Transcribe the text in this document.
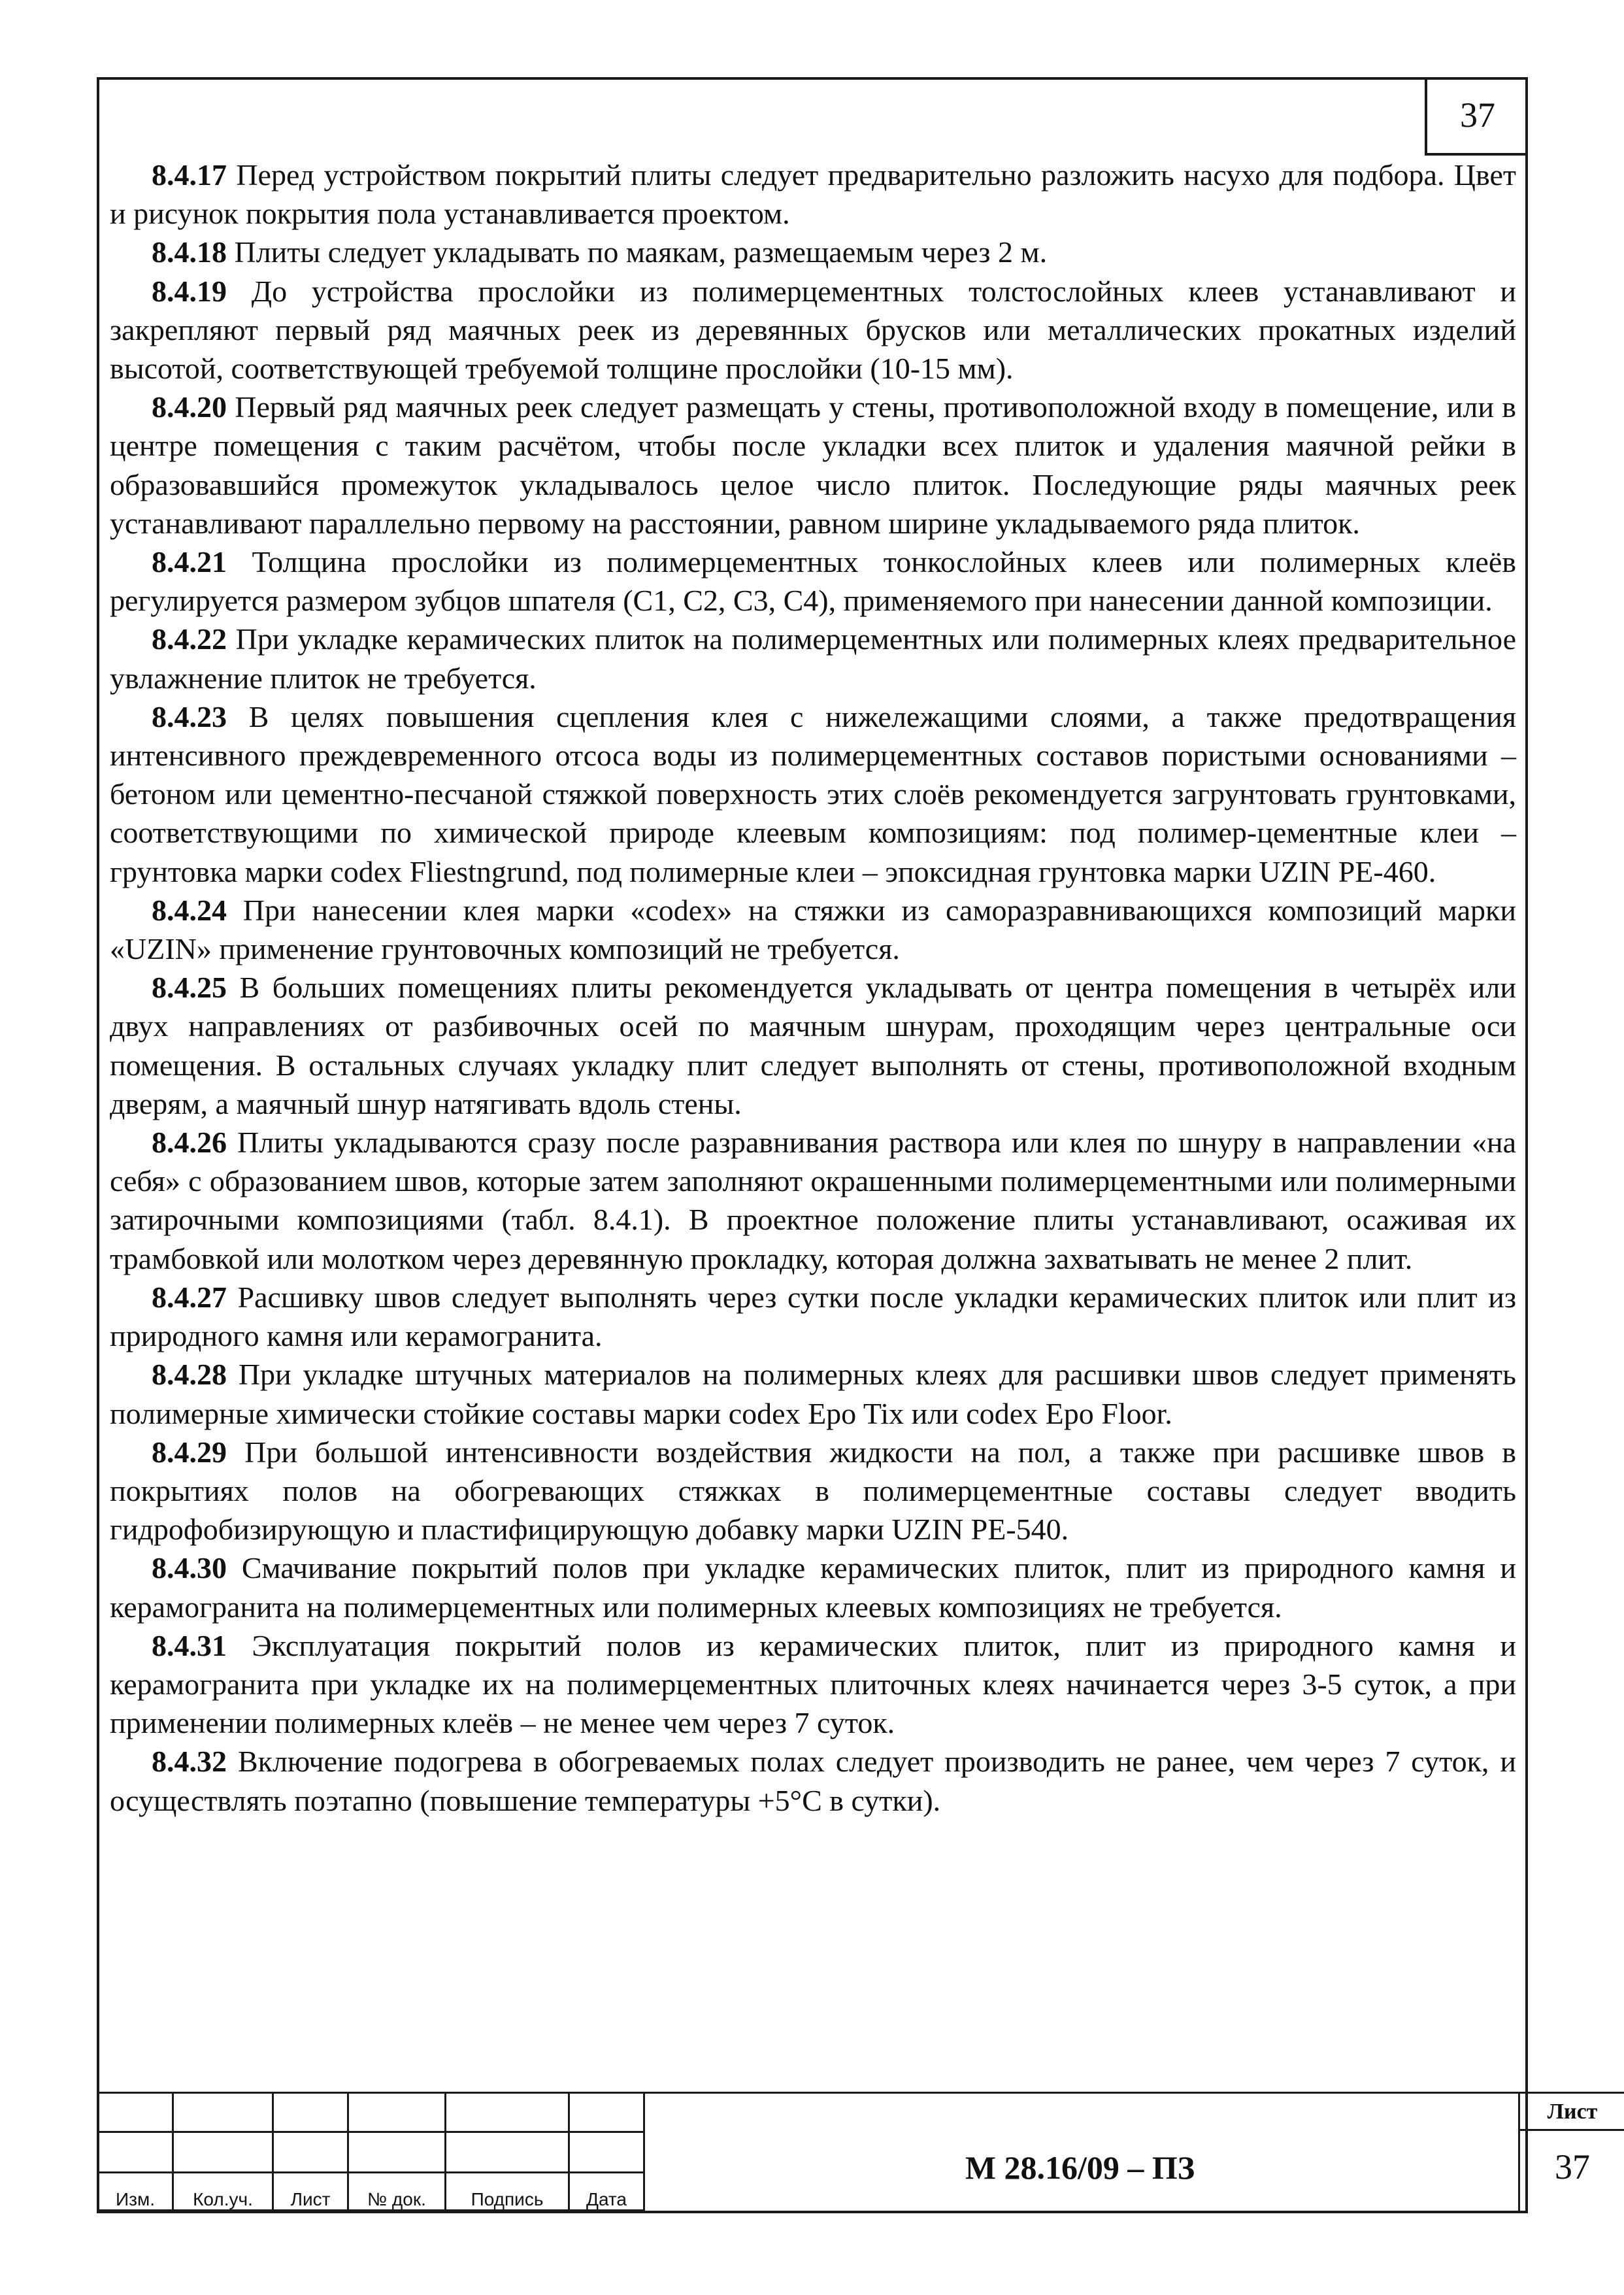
37

8.4.17 Перед устройством покрытий плиты следует предварительно разложить насухо для подбора. Цвет и рисунок покрытия пола устанавливается проектом.

8.4.18 Плиты следует укладывать по маякам, размещаемым через 2 м.

8.4.19 До устройства прослойки из полимерцементных толстослойных клеев устанавливают и закрепляют первый ряд маячных реек из деревянных брусков или металлических прокатных изделий высотой, соответствующей требуемой толщине прослойки (10-15 мм).

8.4.20 Первый ряд маячных реек следует размещать у стены, противоположной входу в помещение, или в центре помещения с таким расчётом, чтобы после укладки всех плиток и удаления маячной рейки в образовавшийся промежуток укладывалось целое число плиток. Последующие ряды маячных реек устанавливают параллельно первому на расстоянии, равном ширине укладываемого ряда плиток.

8.4.21 Толщина прослойки из полимерцементных тонкослойных клеев или полимерных клеёв регулируется размером зубцов шпателя (С1, С2, С3, С4), применяемого при нанесении данной композиции.

8.4.22 При укладке керамических плиток на полимерцементных или полимерных клеях предварительное увлажнение плиток не требуется.

8.4.23 В целях повышения сцепления клея с нижележащими слоями, а также предотвращения интенсивного преждевременного отсоса воды из полимерцементных составов пористыми основаниями – бетоном или цементно-песчаной стяжкой поверхность этих слоёв рекомендуется загрунтовать грунтовками, соответствующими по химической природе клеевым композициям: под полимер-цементные клеи – грунтовка марки codex Fliestngrund, под полимерные клеи – эпоксидная грунтовка марки UZIN PE-460.

8.4.24 При нанесении клея марки «codex» на стяжки из саморазравнивающихся композиций марки «UZIN» применение грунтовочных композиций не требуется.

8.4.25 В больших помещениях плиты рекомендуется укладывать от центра помещения в четырёх или двух направлениях от разбивочных осей по маячным шнурам, проходящим через центральные оси помещения. В остальных случаях укладку плит следует выполнять от стены, противоположной входным дверям, а маячный шнур натягивать вдоль стены.

8.4.26 Плиты укладываются сразу после разравнивания раствора или клея по шнуру в направлении «на себя» с образованием швов, которые затем заполняют окрашенными полимерцементными или полимерными затирочными композициями (табл. 8.4.1). В проектное положение плиты устанавливают, осаживая их трамбовкой или молотком через деревянную прокладку, которая должна захватывать не менее 2 плит.

8.4.27 Расшивку швов следует выполнять через сутки после укладки керамических плиток или плит из природного камня или керамогранита.

8.4.28 При укладке штучных материалов на полимерных клеях для расшивки швов следует применять полимерные химически стойкие составы марки codex Epo Tix или codex Epo Floor.

8.4.29 При большой интенсивности воздействия жидкости на пол, а также при расшивке швов в покрытиях полов на обогревающих стяжках в полимерцементные составы следует вводить гидрофобизирующую и пластифицирующую добавку марки UZIN PE-540.

8.4.30 Смачивание покрытий полов при укладке керамических плиток, плит из природного камня и керамогранита на полимерцементных или полимерных клеевых композициях не требуется.

8.4.31 Эксплуатация покрытий полов из керамических плиток, плит из природного камня и керамогранита при укладке их на полимерцементных плиточных клеях начинается через 3-5 суток, а при применении полимерных клеёв – не менее чем через 7 суток.

8.4.32 Включение подогрева в обогреваемых полах следует производить не ранее, чем через 7 суток, и осуществлять поэтапно (повышение температуры +5°С в сутки).

Изм.	Кол.уч.	Лист	№ док.	Подпись	Дата
М 28.16/09 – ПЗ
Лист
37
